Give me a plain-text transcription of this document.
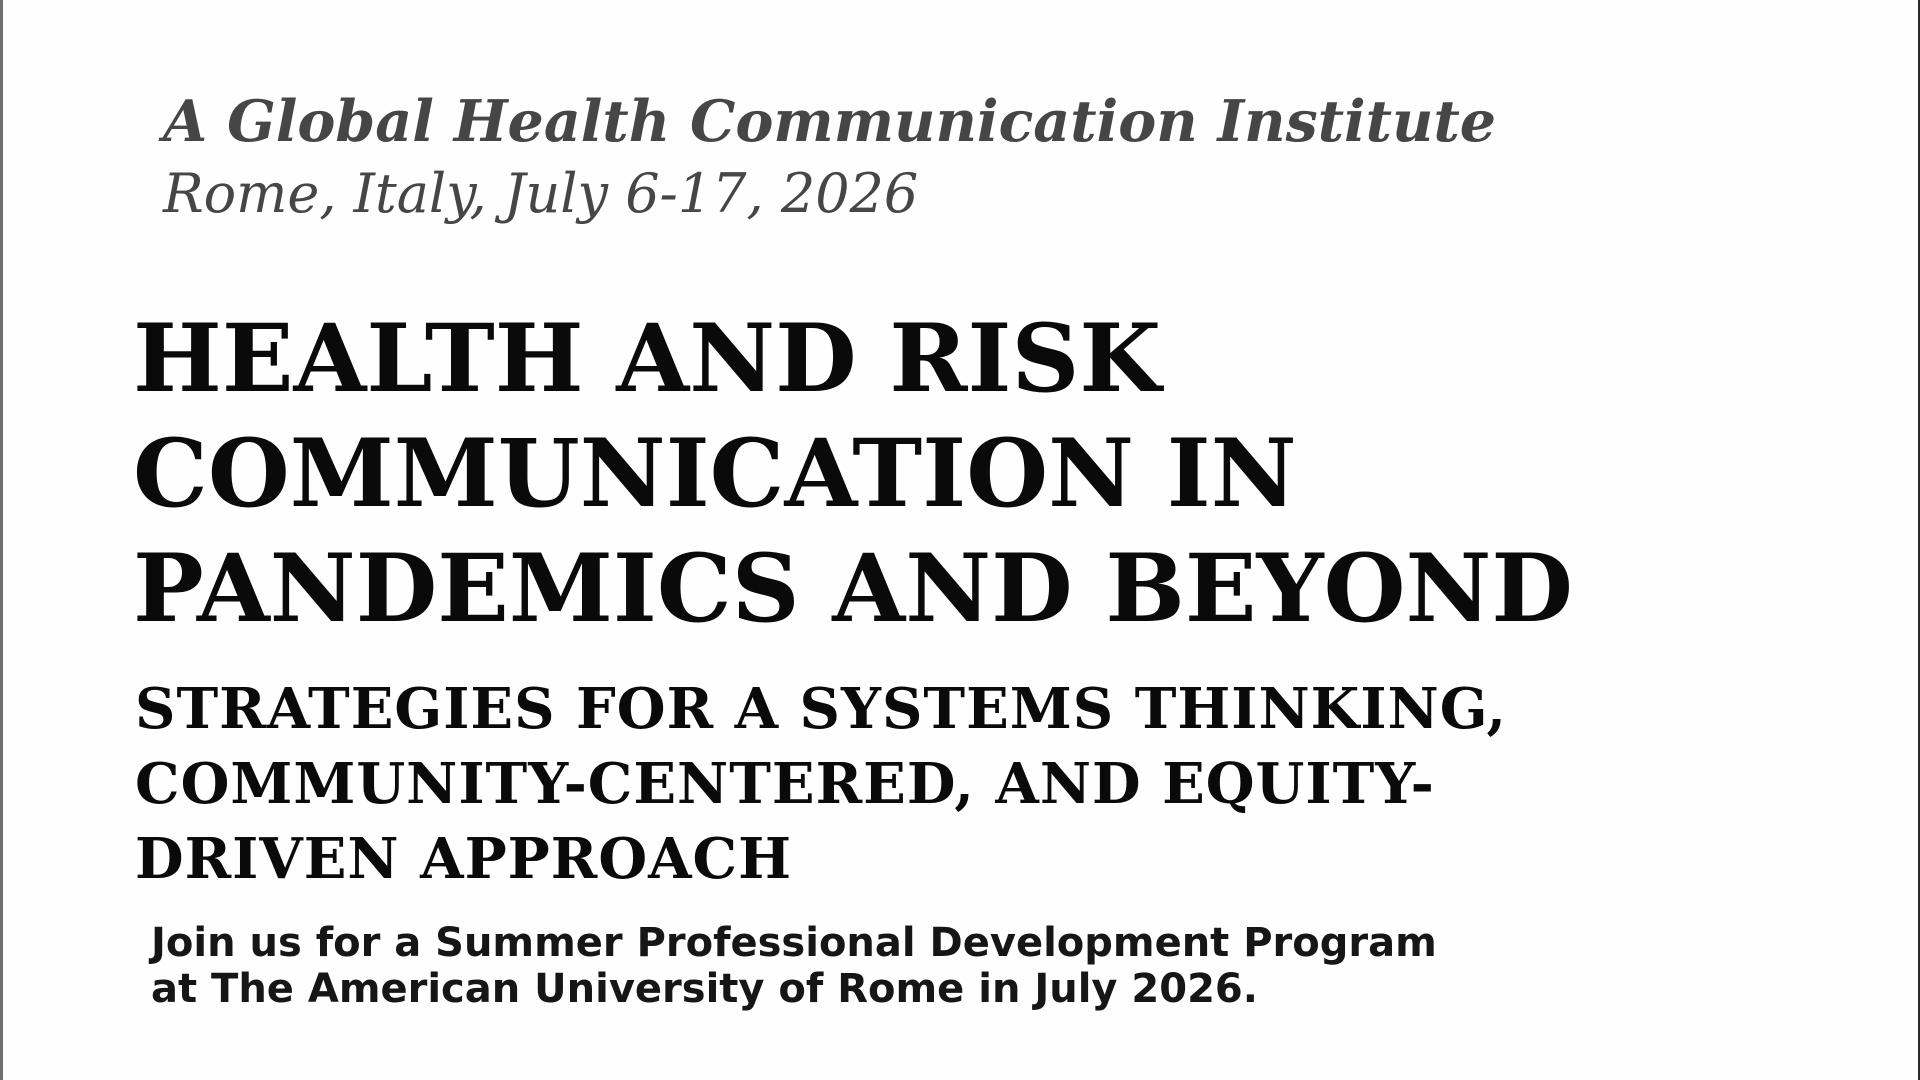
A Global Health Communication Institute

Rome, Italy, July 6-17, 2026

HEALTH AND RISK
COMMUNICATION IN
PANDEMICS AND BEYOND
STRATEGIES FOR A SYSTEMS THINKING,
COMMUNITY-CENTERED, AND EQUITY-
DRIVEN APPROACH

Join us for a Summer Professional Development Program
at The American University of Rome in July 2026.
